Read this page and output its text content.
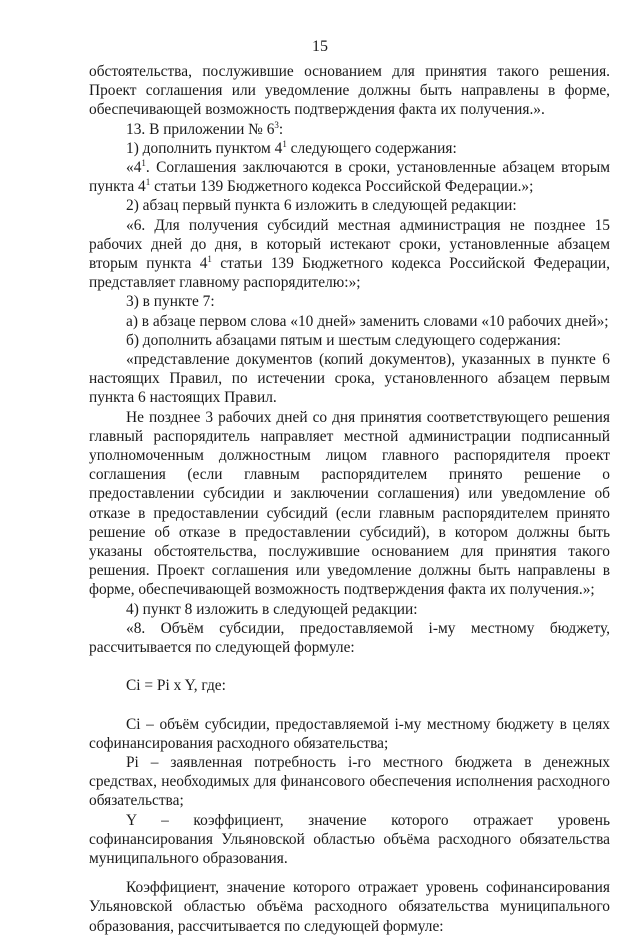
15

обстоятельства, послужившие основанием для принятия такого решения. Проект соглашения или уведомление должны быть направлены в форме, обеспечивающей возможность подтверждения факта их получения.».

13. В приложении № $6^3$:

1) дополнить пунктом $4^1$ следующего содержания:

«$4^1$. Соглашения заключаются в сроки, установленные абзацем вторым пункта $4^1$ статьи 139 Бюджетного кодекса Российской Федерации.»;

2) абзац первый пункта 6 изложить в следующей редакции:

«6. Для получения субсидий местная администрация не позднее 15 рабочих дней до дня, в который истекают сроки, установленные абзацем вторым пункта $4^1$ статьи 139 Бюджетного кодекса Российской Федерации, представляет главному распорядителю:»;

3) в пункте 7:

а) в абзаце первом слова «10 дней» заменить словами «10 рабочих дней»;

б) дополнить абзацами пятым и шестым следующего содержания:

«представление документов (копий документов), указанных в пункте 6 настоящих Правил, по истечении срока, установленного абзацем первым пункта 6 настоящих Правил.

Не позднее 3 рабочих дней со дня принятия соответствующего решения главный распорядитель направляет местной администрации подписанный уполномоченным должностным лицом главного распорядителя проект соглашения (если главным распорядителем принято решение о предоставлении субсидии и заключении соглашения) или уведомление об отказе в предоставлении субсидий (если главным распорядителем принято решение об отказе в предоставлении субсидий), в котором должны быть указаны обстоятельства, послужившие основанием для принятия такого решения. Проект соглашения или уведомление должны быть направлены в форме, обеспечивающей возможность подтверждения факта их получения.»;

4) пункт 8 изложить в следующей редакции:

«8. Объём субсидии, предоставляемой i-му местному бюджету, рассчитывается по следующей формуле:

Ci = Pi x Y, где:

Ci – объём субсидии, предоставляемой i-му местному бюджету в целях софинансирования расходного обязательства;

Pi – заявленная потребность i-го местного бюджета в денежных средствах, необходимых для финансового обеспечения исполнения расходного обязательства;

Y – коэффициент, значение которого отражает уровень софинансирования Ульяновской областью объёма расходного обязательства муниципального образования.

Коэффициент, значение которого отражает уровень софинансирования Ульяновской областью объёма расходного обязательства муниципального образования, рассчитывается по следующей формуле:
